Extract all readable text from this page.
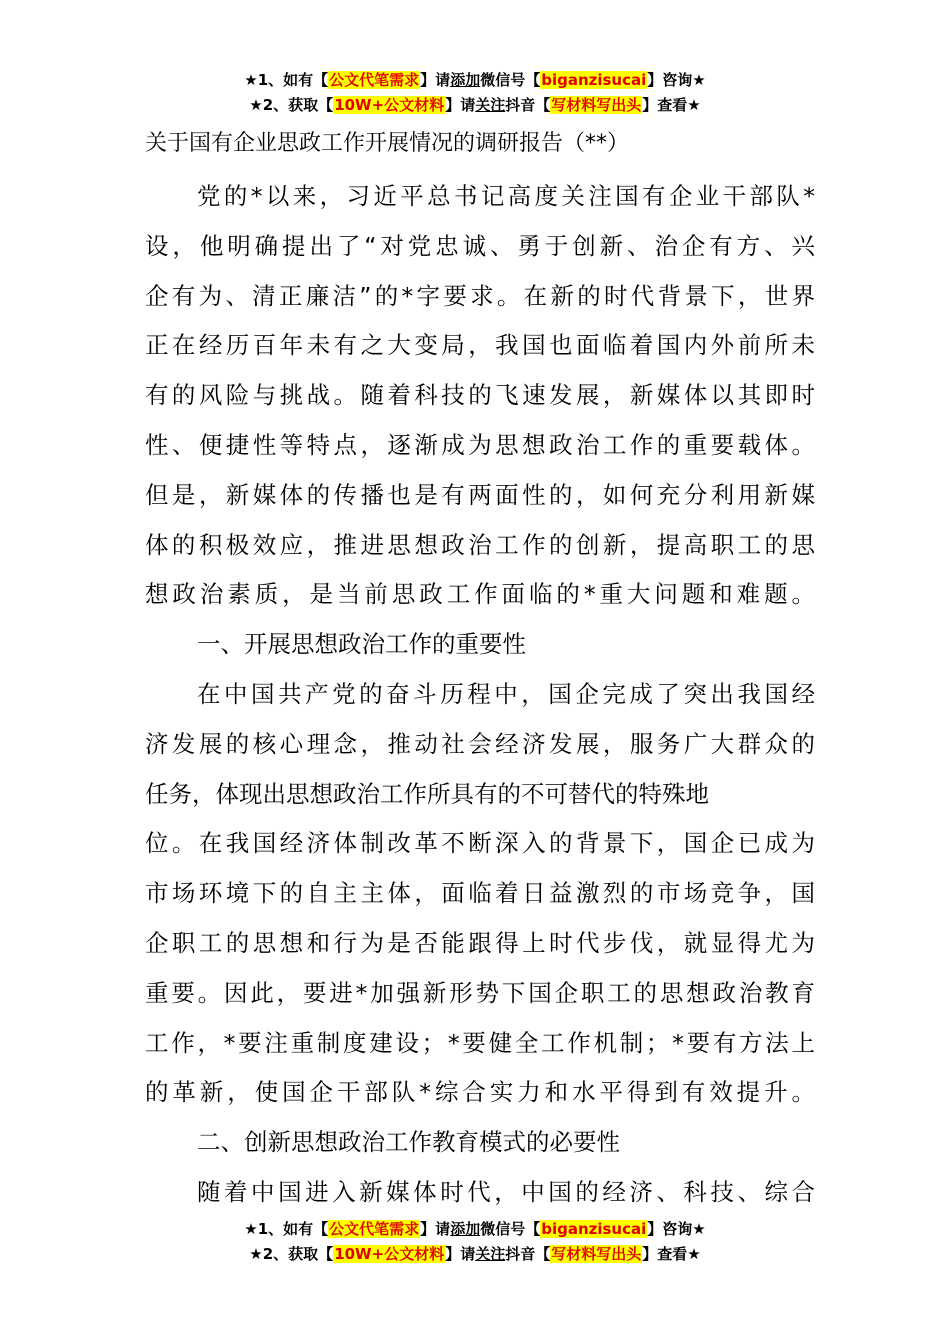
★1、如有【公文代笔需求】请添加微信号【biganzisucai】咨询★
★2、获取【10W+公文材料】请关注抖音【写材料写出头】查看★
关于国有企业思政工作开展情况的调研报告（**）
党的*以来，习近平总书记高度关注国有企业干部队*
设，他明确提出了“对党忠诚、勇于创新、治企有方、兴
企有为、清正廉洁”的*字要求。在新的时代背景下，世界
正在经历百年未有之大变局，我国也面临着国内外前所未
有的风险与挑战。随着科技的飞速发展，新媒体以其即时
性、便捷性等特点，逐渐成为思想政治工作的重要载体。
但是，新媒体的传播也是有两面性的，如何充分利用新媒
体的积极效应，推进思想政治工作的创新，提高职工的思
想政治素质，是当前思政工作面临的*重大问题和难题。
一、开展思想政治工作的重要性
在中国共产党的奋斗历程中，国企完成了突出我国经
济发展的核心理念，推动社会经济发展，服务广大群众的
任务，体现出思想政治工作所具有的不可替代的特殊地
位。在我国经济体制改革不断深入的背景下，国企已成为
市场环境下的自主主体，面临着日益激烈的市场竞争，国
企职工的思想和行为是否能跟得上时代步伐，就显得尤为
重要。因此，要进*加强新形势下国企职工的思想政治教育
工作，*要注重制度建设；*要健全工作机制；*要有方法上
的革新，使国企干部队*综合实力和水平得到有效提升。
二、创新思想政治工作教育模式的必要性
随着中国进入新媒体时代，中国的经济、科技、综合
★1、如有【公文代笔需求】请添加微信号【biganzisucai】咨询★
★2、获取【10W+公文材料】请关注抖音【写材料写出头】查看★
